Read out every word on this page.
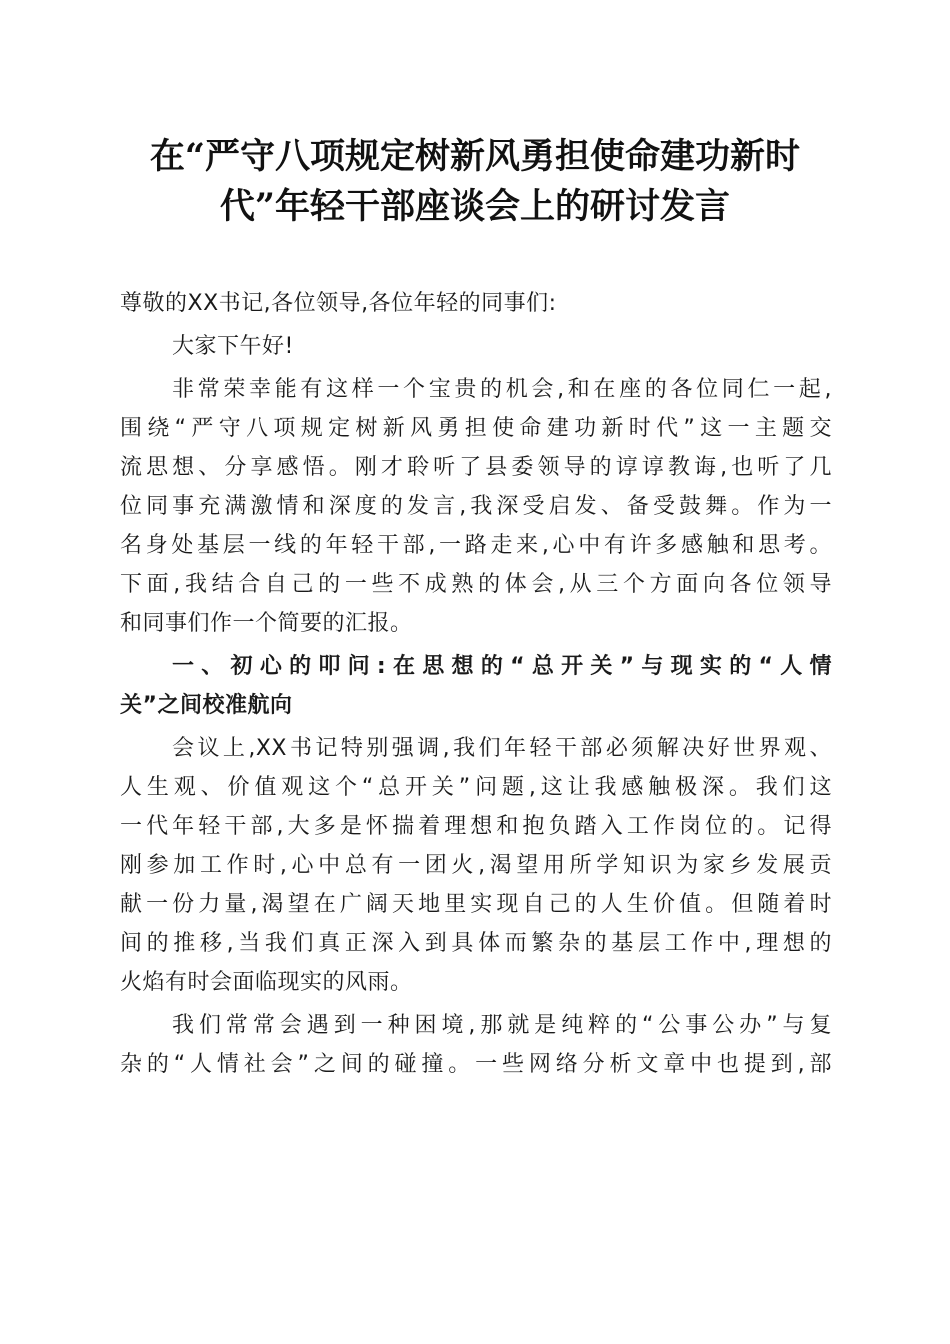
在“严守八项规定树新风勇担使命建功新时
代”年轻干部座谈会上的研讨发言
尊敬的XX书记,各位领导,各位年轻的同事们:
大家下午好!
非常荣幸能有这样一个宝贵的机会,和在座的各位同仁一起,
围绕“严守八项规定树新风勇担使命建功新时代”这一主题交
流思想、分享感悟。刚才聆听了县委领导的谆谆教诲,也听了几
位同事充满激情和深度的发言,我深受启发、备受鼓舞。作为一
名身处基层一线的年轻干部,一路走来,心中有许多感触和思考。
下面,我结合自己的一些不成熟的体会,从三个方面向各位领导
和同事们作一个简要的汇报。
一、初心的叩问:在思想的“总开关”与现实的“人情
关”之间校准航向
会议上,XX书记特别强调,我们年轻干部必须解决好世界观、
人生观、价值观这个“总开关”问题,这让我感触极深。我们这
一代年轻干部,大多是怀揣着理想和抱负踏入工作岗位的。记得
刚参加工作时,心中总有一团火,渴望用所学知识为家乡发展贡
献一份力量,渴望在广阔天地里实现自己的人生价值。但随着时
间的推移,当我们真正深入到具体而繁杂的基层工作中,理想的
火焰有时会面临现实的风雨。
我们常常会遇到一种困境,那就是纯粹的“公事公办”与复
杂的“人情社会”之间的碰撞。一些网络分析文章中也提到,部
